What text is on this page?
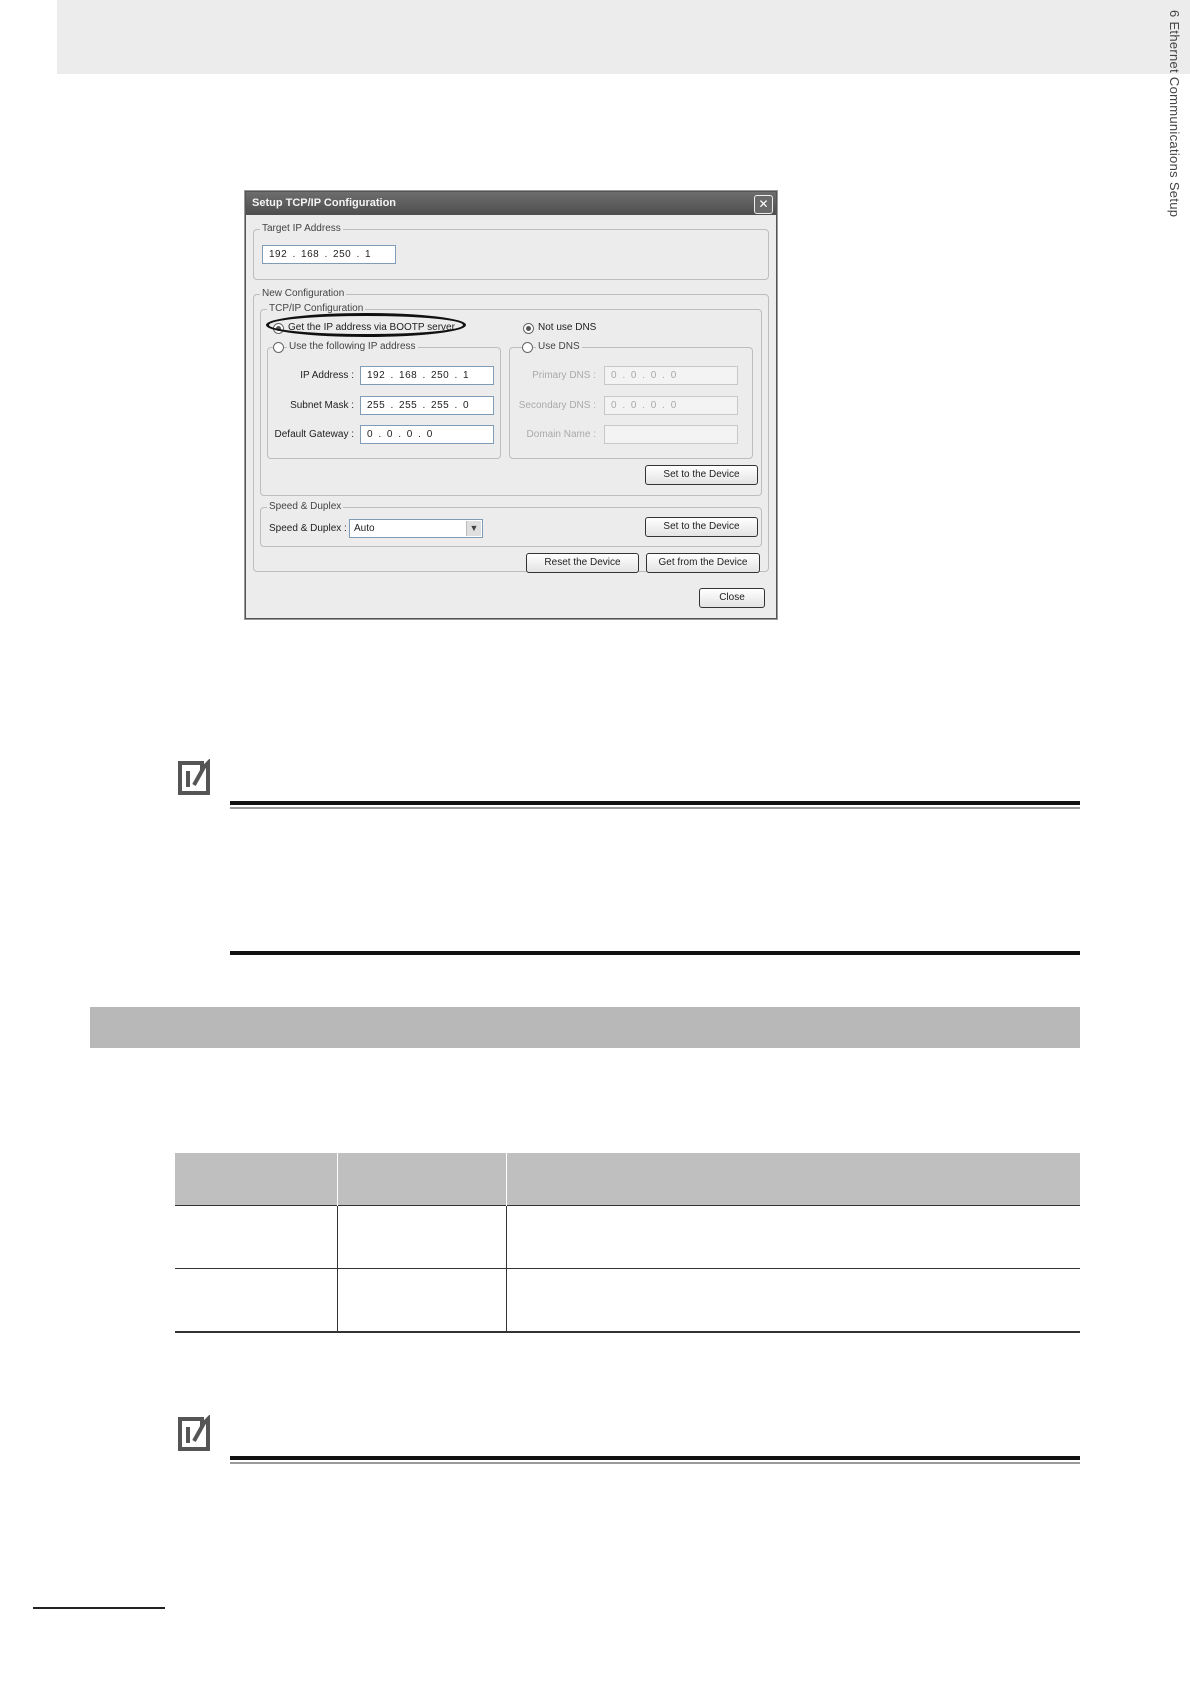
6 Ethernet Communications Setup
Setup TCP/IP Configuration	✕
Target IP Address
192 . 168 . 250 . 1
New Configuration
TCP/IP Configuration
Get the IP address via BOOTP server
Use the following IP address
IP Address :	192 . 168 . 250 . 1
Subnet Mask :	255 . 255 . 255 . 0
Default Gateway :	0 . 0 . 0 . 0
Not use DNS
Use DNS
Primary DNS :	0 . 0 . 0 . 0
Secondary DNS :	0 . 0 . 0 . 0
Domain Name :
Set to the Device
Speed & Duplex
Speed & Duplex : Auto	▼	Set to the Device
Reset the Device	Get from the Device
Close
